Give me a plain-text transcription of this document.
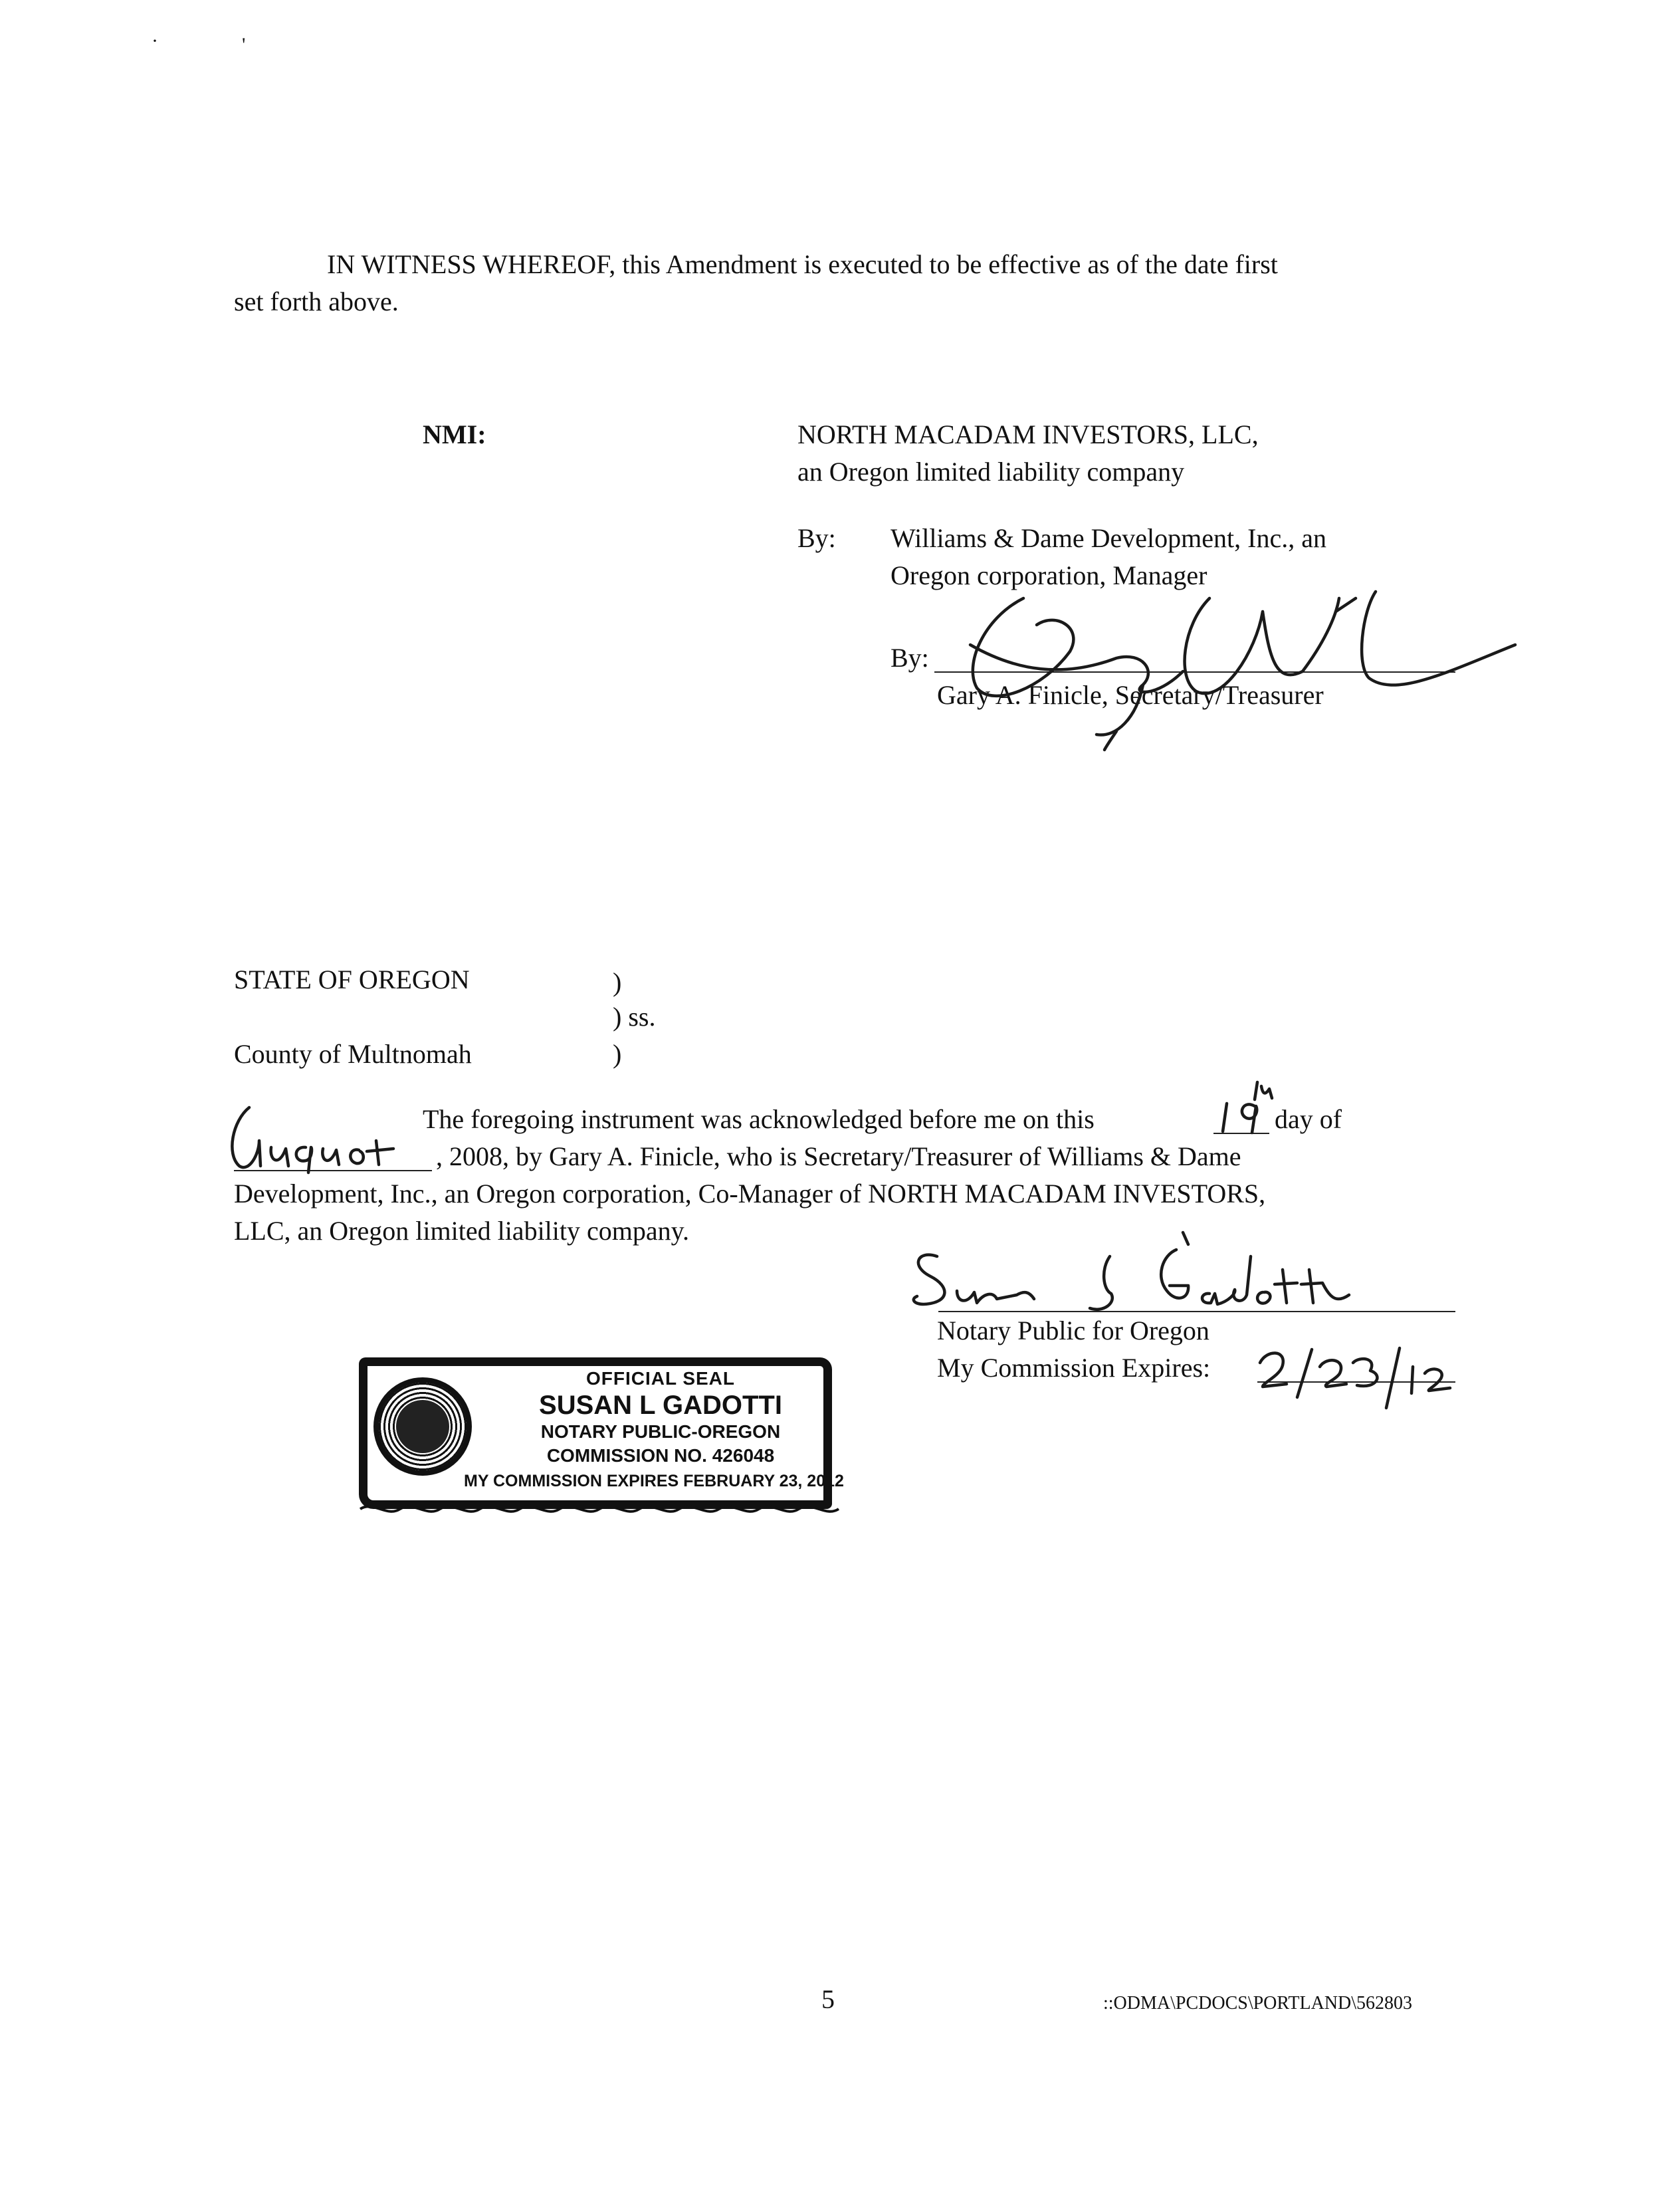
·	'
IN WITNESS WHEREOF, this Amendment is executed to be effective as of the date first
set forth above.
NMI:	NORTH MACADAM INVESTORS, LLC,
an Oregon limited liability company
By: Williams & Dame Development, Inc., an
Oregon corporation, Manager
By:
Gary A. Finicle, Secretary/Treasurer
STATE OF OREGON	)
) ss.
County of Multnomah	)
The foregoing instrument was acknowledged before me on this
19th
day of
, 2008, by Gary A. Finicle, who is Secretary/Treasurer of Williams & Dame
Development, Inc., an Oregon corporation, Co-Manager of NORTH MACADAM INVESTORS,
LLC, an Oregon limited liability company.
Notary Public for Oregon
My Commission Expires:
OFFICIAL SEAL
SUSAN L GADOTTI
NOTARY PUBLIC-OREGON
COMMISSION NO. 426048
MY COMMISSION EXPIRES FEBRUARY 23, 2012
5	::ODMA\PCDOCS\PORTLAND\562803
